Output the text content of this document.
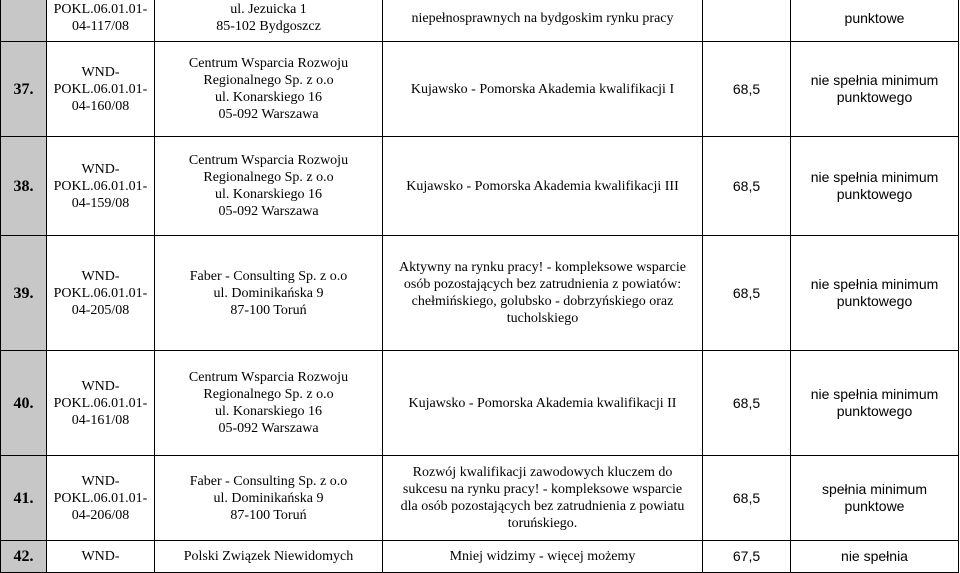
	POKL.06.01.01-
04-117/08	ul. Jezuicka 1
85-102 Bydgoszcz	niepełnosprawnych na bydgoskim rynku pracy		punktowe

37.	WND-
POKL.06.01.01-
04-160/08	Centrum Wsparcia Rozwoju
Regionalnego Sp. z o.o
ul. Konarskiego 16
05-092 Warszawa	Kujawsko - Pomorska Akademia kwalifikacji I	68,5	nie spełnia minimum
punktowego

38.	WND-
POKL.06.01.01-
04-159/08	Centrum Wsparcia Rozwoju
Regionalnego Sp. z o.o
ul. Konarskiego 16
05-092 Warszawa	Kujawsko - Pomorska Akademia kwalifikacji III	68,5	nie spełnia minimum
punktowego

39.	WND-
POKL.06.01.01-
04-205/08	Faber - Consulting Sp. z o.o
ul. Dominikańska 9
87-100 Toruń	Aktywny na rynku pracy! - kompleksowe wsparcie
osób pozostających bez zatrudnienia z powiatów:
chełmińskiego, golubsko - dobrzyńskiego oraz
tucholskiego	68,5	nie spełnia minimum
punktowego

40.	WND-
POKL.06.01.01-
04-161/08	Centrum Wsparcia Rozwoju
Regionalnego Sp. z o.o
ul. Konarskiego 16
05-092 Warszawa	Kujawsko - Pomorska Akademia kwalifikacji II	68,5	nie spełnia minimum
punktowego

41.	WND-
POKL.06.01.01-
04-206/08	Faber - Consulting Sp. z o.o
ul. Dominikańska 9
87-100 Toruń	Rozwój kwalifikacji zawodowych kluczem do
sukcesu na rynku pracy! - kompleksowe wsparcie
dla osób pozostających bez zatrudnienia z powiatu
toruńskiego.	68,5	spełnia minimum
punktowe

42.	WND-	Polski Związek Niewidomych	Mniej widzimy - więcej możemy	67,5	nie spełnia
